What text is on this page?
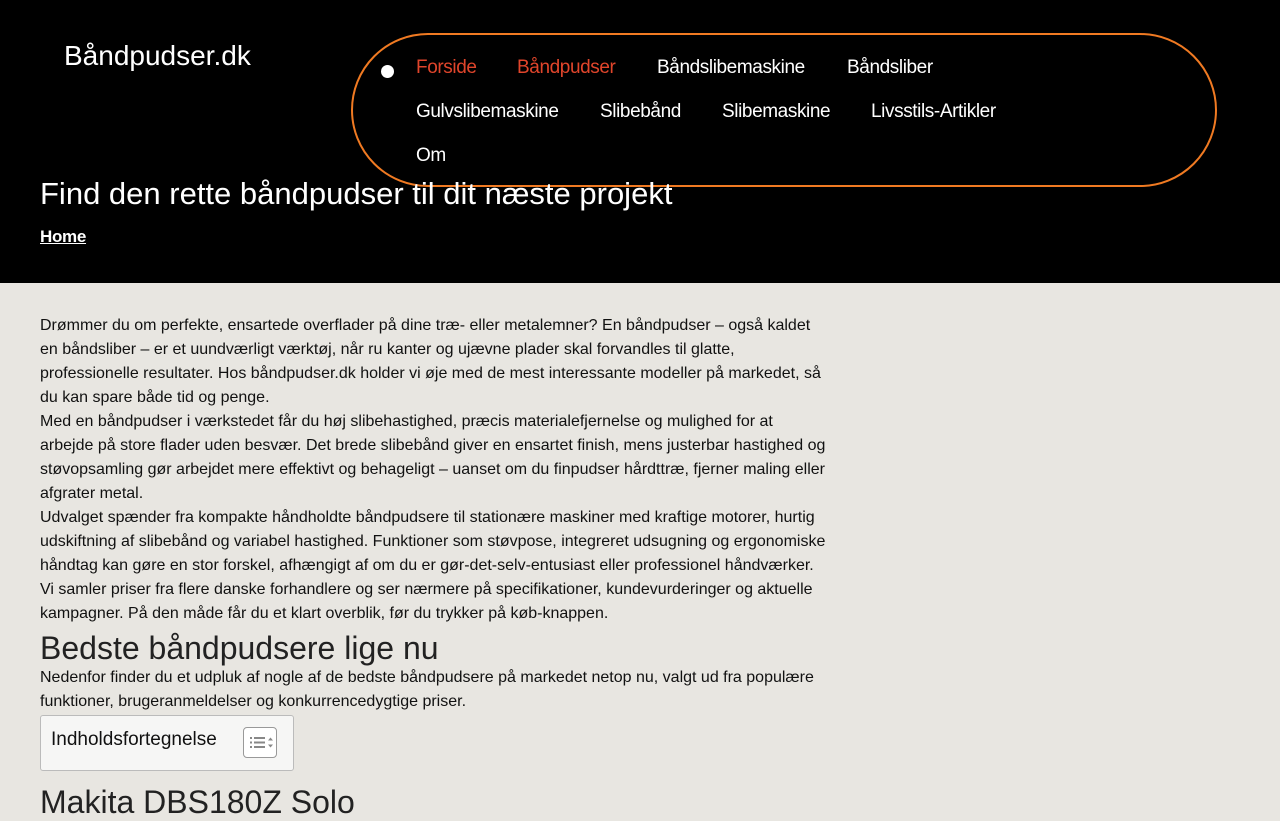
Båndpudser.dk	Forside Båndpudser Båndslibemaskine Båndsliber
Gulvslibemaskine Slibebånd Slibemaskine Livsstils-Artikler
Om
Find den rette båndpudser til dit næste projekt
Home

Drømmer du om perfekte, ensartede overflader på dine træ- eller metalemner? En båndpudser – også kaldet en båndsliber – er et uundværligt værktøj, når ru kanter og ujævne plader skal forvandles til glatte, professionelle resultater. Hos båndpudser.dk holder vi øje med de mest interessante modeller på markedet, så du kan spare både tid og penge.

Med en båndpudser i værkstedet får du høj slibehastighed, præcis materialefjernelse og mulighed for at arbejde på store flader uden besvær. Det brede slibebånd giver en ensartet finish, mens justerbar hastighed og støvopsamling gør arbejdet mere effektivt og behageligt – uanset om du finpudser hårdttræ, fjerner maling eller afgrater metal.

Udvalget spænder fra kompakte håndholdte båndpudsere til stationære maskiner med kraftige motorer, hurtig udskiftning af slibebånd og variabel hastighed. Funktioner som støvpose, integreret udsugning og ergonomiske håndtag kan gøre en stor forskel, afhængigt af om du er gør-det-selv-entusiast eller professionel håndværker.

Vi samler priser fra flere danske forhandlere og ser nærmere på specifikationer, kundevurderinger og aktuelle kampagner. På den måde får du et klart overblik, før du trykker på køb-knappen.

Bedste båndpudsere lige nu

Nedenfor finder du et udpluk af nogle af de bedste båndpudsere på markedet netop nu, valgt ud fra populære funktioner, brugeranmeldelser og konkurrencedygtige priser.

Indholdsfortegnelse
Makita DBS180Z Solo
